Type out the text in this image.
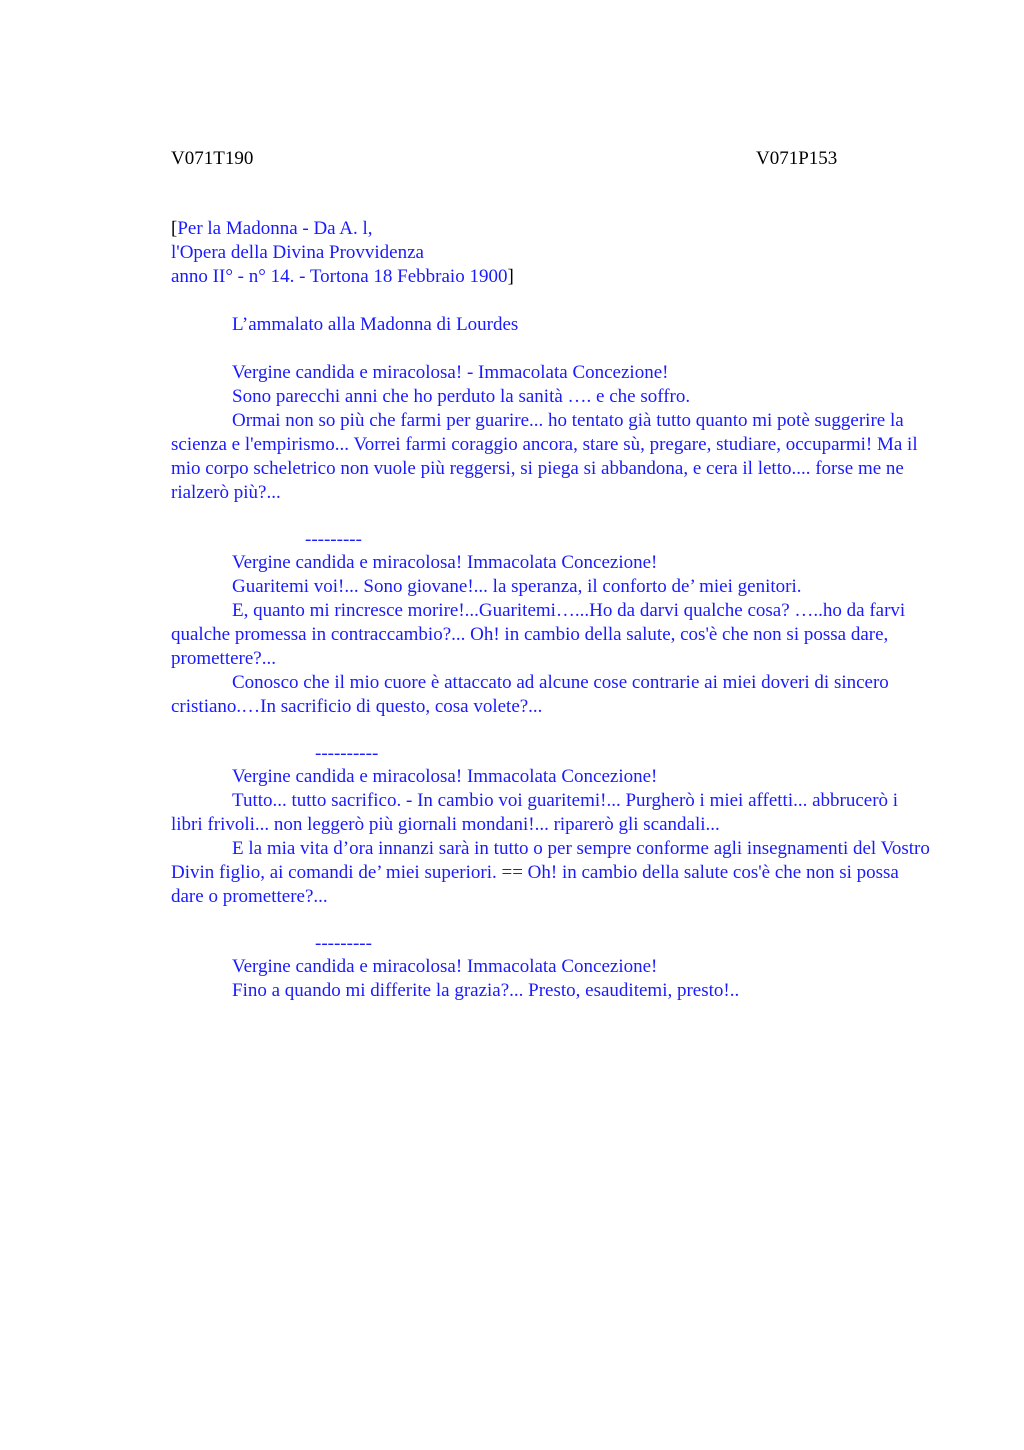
V071T190	V071P153
[Per la Madonna - Da A. l,
l'Opera della Divina Provvidenza
anno II° - n° 14. - Tortona 18 Febbraio 1900]
L’ammalato alla Madonna di Lourdes
Vergine candida e miracolosa! - Immacolata Concezione!
Sono parecchi anni che ho perduto la sanità …. e che soffro.
Ormai non so più che farmi per guarire... ho tentato già tutto quanto mi potè suggerire la scienza e l'empirismo... Vorrei farmi coraggio ancora, stare sù, pregare, studiare, occuparmi! Ma il mio corpo scheletrico non vuole più reggersi, si piega si abbandona, e cera il letto.... forse me ne rialzerò più?...
---------
Vergine candida e miracolosa! Immacolata Concezione!
Guaritemi voi!... Sono giovane!... la speranza, il conforto de’ miei genitori.
E, quanto mi rincresce morire!...Guaritemi…...Ho da darvi qualche cosa? …..ho da farvi qualche promessa in contraccambio?... Oh! in cambio della salute, cos'è che non si possa dare, promettere?...
Conosco che il mio cuore è attaccato ad alcune cose contrarie ai miei doveri di sincero cristiano.…In sacrificio di questo, cosa volete?...
----------
Vergine candida e miracolosa! Immacolata Concezione!
Tutto... tutto sacrifico. - In cambio voi guaritemi!... Purgherò i miei affetti... abbrucerò i libri frivoli... non leggerò più giornali mondani!... riparerò gli scandali...
E la mia vita d’ora innanzi sarà in tutto o per sempre conforme agli insegnamenti del Vostro Divin figlio, ai comandi de’ miei superiori. == Oh! in cambio della salute cos'è che non si possa dare o promettere?...
---------
Vergine candida e miracolosa! Immacolata Concezione!
Fino a quando mi differite la grazia?... Presto, esauditemi, presto!..
